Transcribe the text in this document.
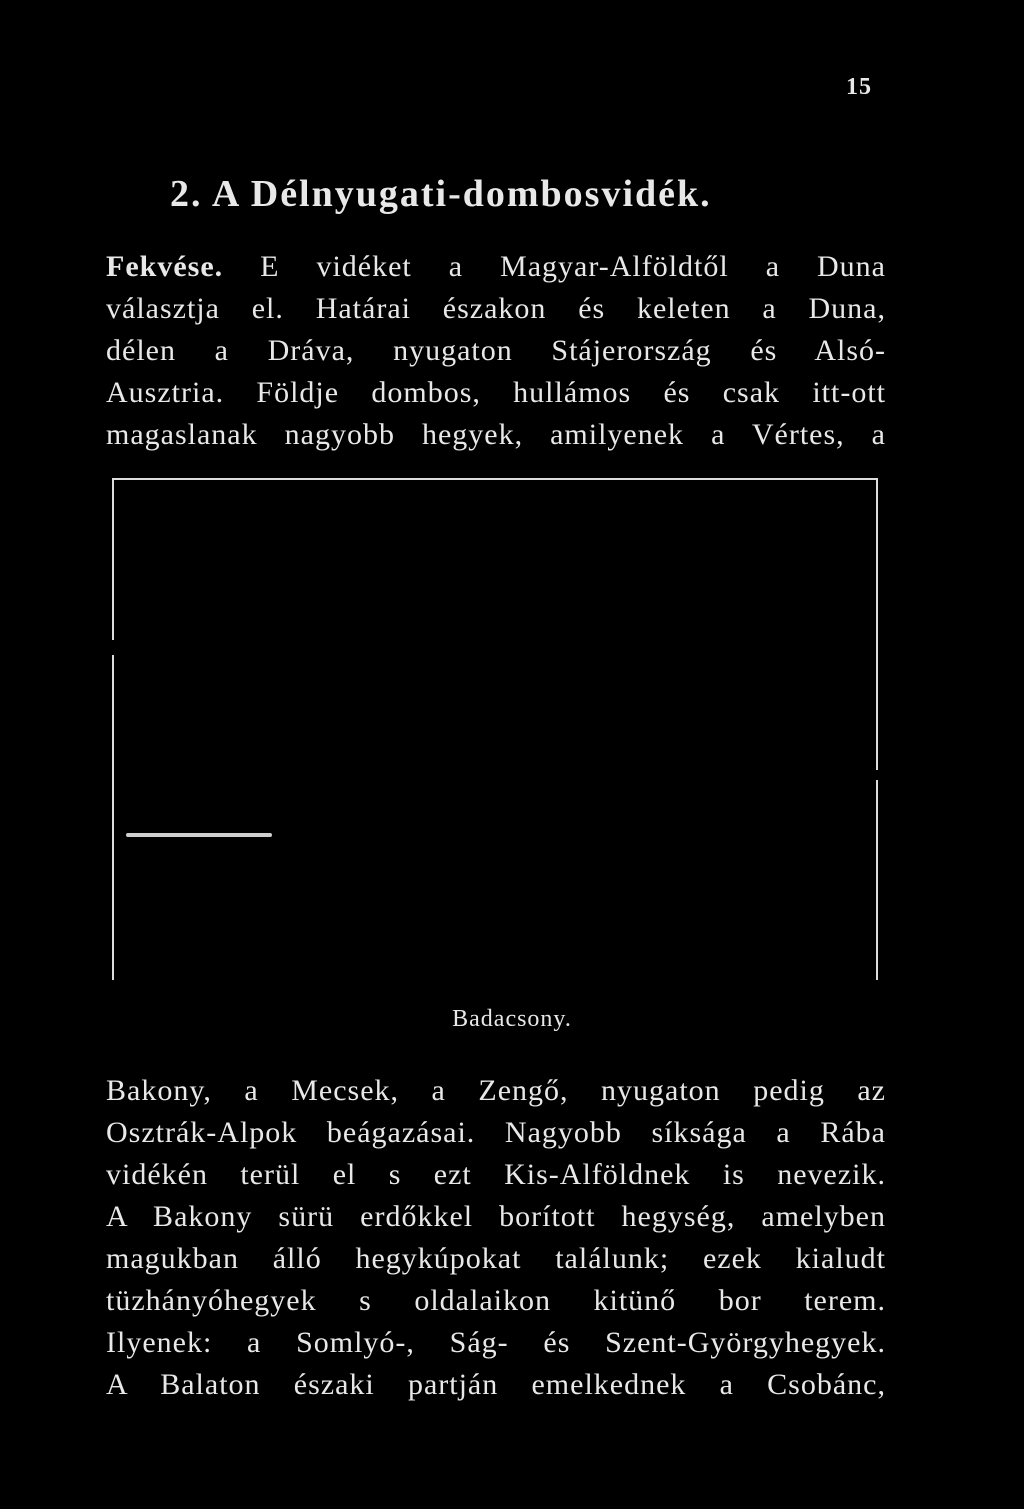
15
2. A Délnyugati-dombosvidék.
Fekvése. E vidéket a Magyar-Alföldtől a Duna
választja el. Határai északon és keleten a Duna,
délen a Dráva, nyugaton Stájerország és Alsó-
Ausztria. Földje dombos, hullámos és csak itt-ott
magaslanak nagyobb hegyek, amilyenek a Vértes, a
Badacsony.
Bakony, a Mecsek, a Zengő, nyugaton pedig az
Osztrák-Alpok beágazásai. Nagyobb síksága a Rába
vidékén terül el s ezt Kis-Alföldnek is nevezik.
A Bakony sürü erdőkkel borított hegység, amelyben
magukban álló hegykúpokat találunk; ezek kialudt
tüzhányóhegyek s oldalaikon kitünő bor terem.
Ilyenek: a Somlyó-, Ság- és Szent-Györgyhegyek.
A Balaton északi partján emelkednek a Csobánc,
